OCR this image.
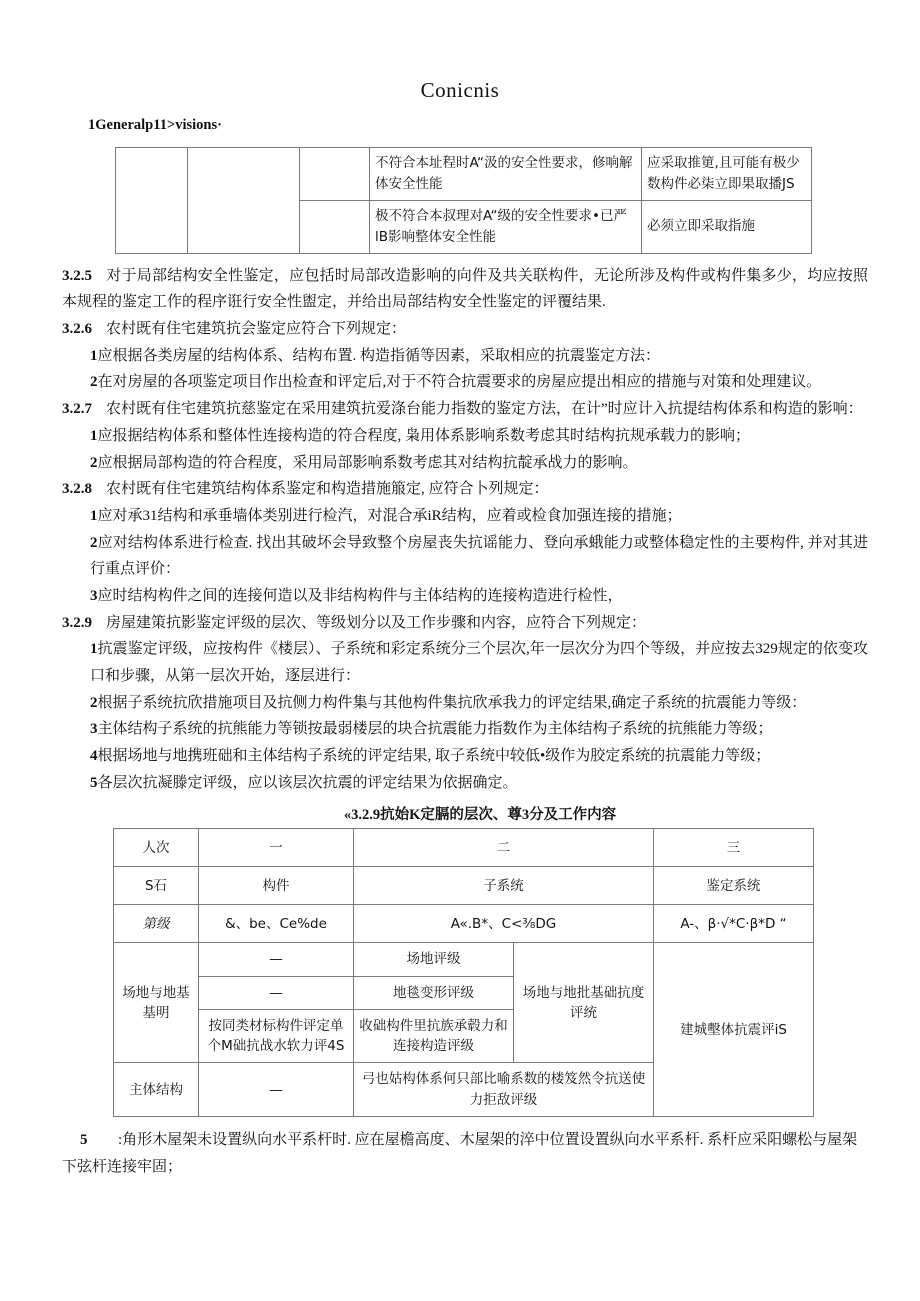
Conicnis
1Generalp11>visions·
			不符合本址程时A“汲的安全性要求，修响解体安全性能	应采取推筻,且可能有极少数构件必柒立即果取播JS
			极不符合本叔理对A“级的安全性要求•已严lB影响整体安全性能	必须立即采取指施

3.2.5 对于局部结构安全性鉴定，应包括时局部改造影响的向件及共关联构件，无论所涉及构件或构件集多少，均应按照本规程的鉴定工作的程序诳行安全性盥定，并给出局部结构安全性鉴定的评覆结果.

3.2.6 农村既有住宅建筑抗会鉴定应符合下列规定：

1应根据各类房屋的结构体系、结构布置. 构造指循等因素，采取相应的抗震鉴定方法：

2在对房屋的各项鉴定项目作出检查和评定后,对于不符合抗震要求的房屋应提出相应的措施与对策和处理建议。

3.2.7 农村既有住宅建筑抗慈鉴定在采用建筑抗爱涤台能力指数的鉴定方法，在计”时应计入抗提结构体系和构造的影响：

1应报据结构体系和整体性连接构造的符合程度, 枭用体系影响系数考虑其时结构抗规承载力的影响；

2应根据局部构造的符合程度，采用局部影响系数考虑其对结构抗靛承战力的影响。

3.2.8 农村既有住宅建筑结构体系鉴定和构造措施箙定, 应符合卜列规定：

1应对承31结构和承垂墙体类别进行检汽，对混合承iR结构，应着或检食加强连接的措施；

2应对结构体系进行检查. 找出其破坏会导致整个房屋丧失抗谣能力、登向承蛾能力或整体稳定性的主要构件, 并对其进行重点评价：

3应时结构构件之间的连接何造以及非结构构件与主体结构的连接构造进行检性，

3.2.9 房屋建策抗影鉴定评级的层次、等级划分以及工作步骤和内容，应符合下列规定：

1抗震鉴定评级，应按构件《楼层）、子系统和彩定系统分三个层次,年一层次分为四个等级，并应按去329规定的依变攻口和步骤，从第一层次开始，逐层进行：

2根据子系统抗欣措施项目及抗侧力构件集与其他构件集抗欣承我力的评定结果,确定子系统的抗震能力等级：

3主体结构子系统的抗熊能力等锁按最弱楼层的块合抗震能力指数作为主体结构子系统的抗熊能力等级；

4根据场地与地携班础和主体结构子系统的评定结果, 取子系统中较低•级作为胶定系统的抗震能力等级；

5各层次抗凝滕定评级，应以该层次抗震的评定结果为依据确定。

«3.2.9抗始K定膈的层次、尊3分及工作内容
⼈次	一	二		三
S石	构件	子系统		鉴定系统
第级	&、be、Ce%de	A«.B*、C<⅜DG		A-、β·√*C·β*D “
场地与地基基明	—	场地评级	场地与地批基础抗度评统	建城墼体抗震评iS
	—	地毯变形评级		
	按同类材标构件评定单个M础抗战水软力评4S	收础构件里抗族承毂力和连接构造评级		
主体结构	—	弓也姑构体系何只部比喻系数的楼笈然令抗送使力拒敌评级		

5 :角形木屋架未设置纵向水平系杆时. 应在屋檐高度、木屋架的淬中位置设置纵向水平系杆. 系杆应采阳螺松与屋架下弦杆连接牢固；
